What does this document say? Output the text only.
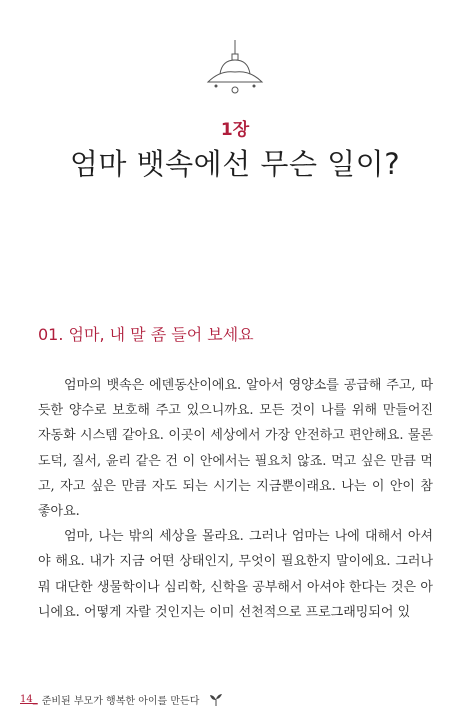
1장
엄마 뱃속에선 무슨 일이?
01. 엄마, 내 말 좀 들어 보세요

엄마의 뱃속은 에덴동산이에요. 알아서 영양소를 공급해 주고, 따듯한 양수로 보호해 주고 있으니까요. 모든 것이 나를 위해 만들어진 자동화 시스템 같아요. 이곳이 세상에서 가장 안전하고 편안해요. 물론 도덕, 질서, 윤리 같은 건 이 안에서는 필요치 않죠. 먹고 싶은 만큼 먹고, 자고 싶은 만큼 자도 되는 시기는 지금뿐이래요. 나는 이 안이 참 좋아요.

엄마, 나는 밖의 세상을 몰라요. 그러나 엄마는 나에 대해서 아셔야 해요. 내가 지금 어떤 상태인지, 무엇이 필요한지 말이에요. 그러나 뭐 대단한 생물학이나 심리학, 신학을 공부해서 아셔야 한다는 것은 아니에요. 어떻게 자랄 것인지는 이미 선천적으로 프로그래밍되어 있

14_ 준비된 부모가 행복한 아이를 만든다
